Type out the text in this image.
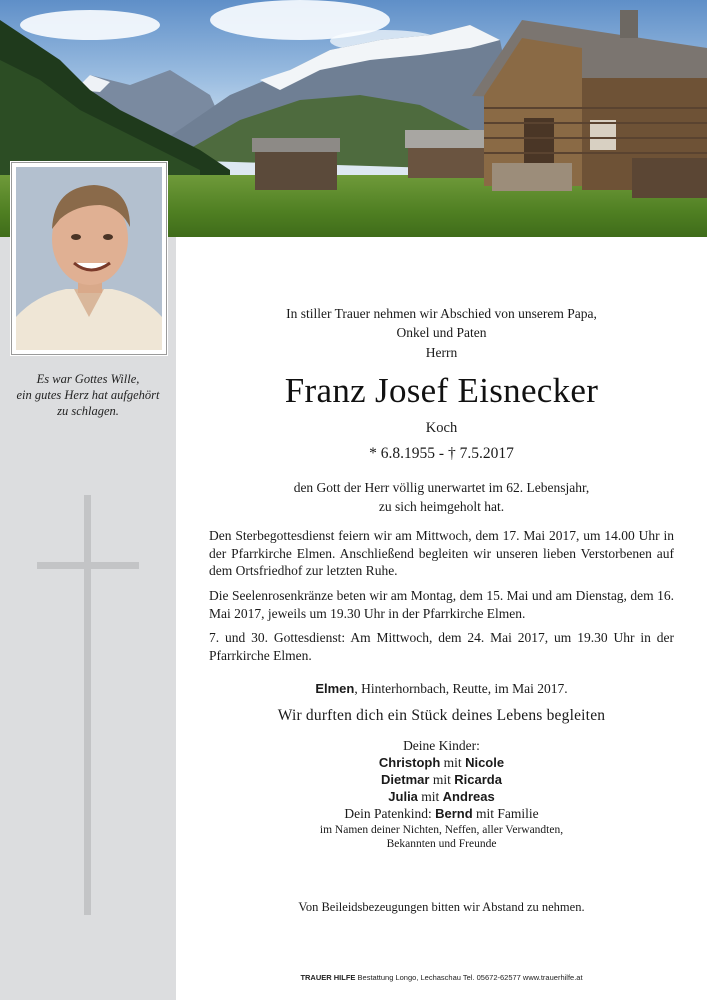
Es war Gottes Wille,
ein gutes Herz hat aufgehört
zu schlagen.
In stiller Trauer nehmen wir Abschied von unserem Papa,
Onkel und Paten
Herrn
Franz Josef Eisnecker
Koch
* 6.8.1955 - † 7.5.2017
den Gott der Herr völlig unerwartet im 62. Lebensjahr,
zu sich heimgeholt hat.
Den Sterbegottesdienst feiern wir am Mittwoch, dem 17. Mai 2017, um 14.00 Uhr in der Pfarrkirche Elmen. Anschließend begleiten wir unseren lieben Verstorbenen auf dem Ortsfriedhof zur letzten Ruhe.
Die Seelenrosenkränze beten wir am Montag, dem 15. Mai und am Dienstag, dem 16. Mai 2017, jeweils um 19.30 Uhr in der Pfarrkirche Elmen.
7. und 30. Gottesdienst: Am Mittwoch, dem 24. Mai 2017, um 19.30 Uhr in der Pfarrkirche Elmen.
Elmen, Hinterhornbach, Reutte, im Mai 2017.
Wir durften dich ein Stück deines Lebens begleiten
Deine Kinder:
Christoph mit Nicole
Dietmar mit Ricarda
Julia mit Andreas
Dein Patenkind: Bernd mit Familie
im Namen deiner Nichten, Neffen, aller Verwandten,
Bekannten und Freunde
Von Beileidsbezeugungen bitten wir Abstand zu nehmen.
TRAUER HILFE Bestattung Longo, Lechaschau Tel. 05672-62577 www.trauerhilfe.at
